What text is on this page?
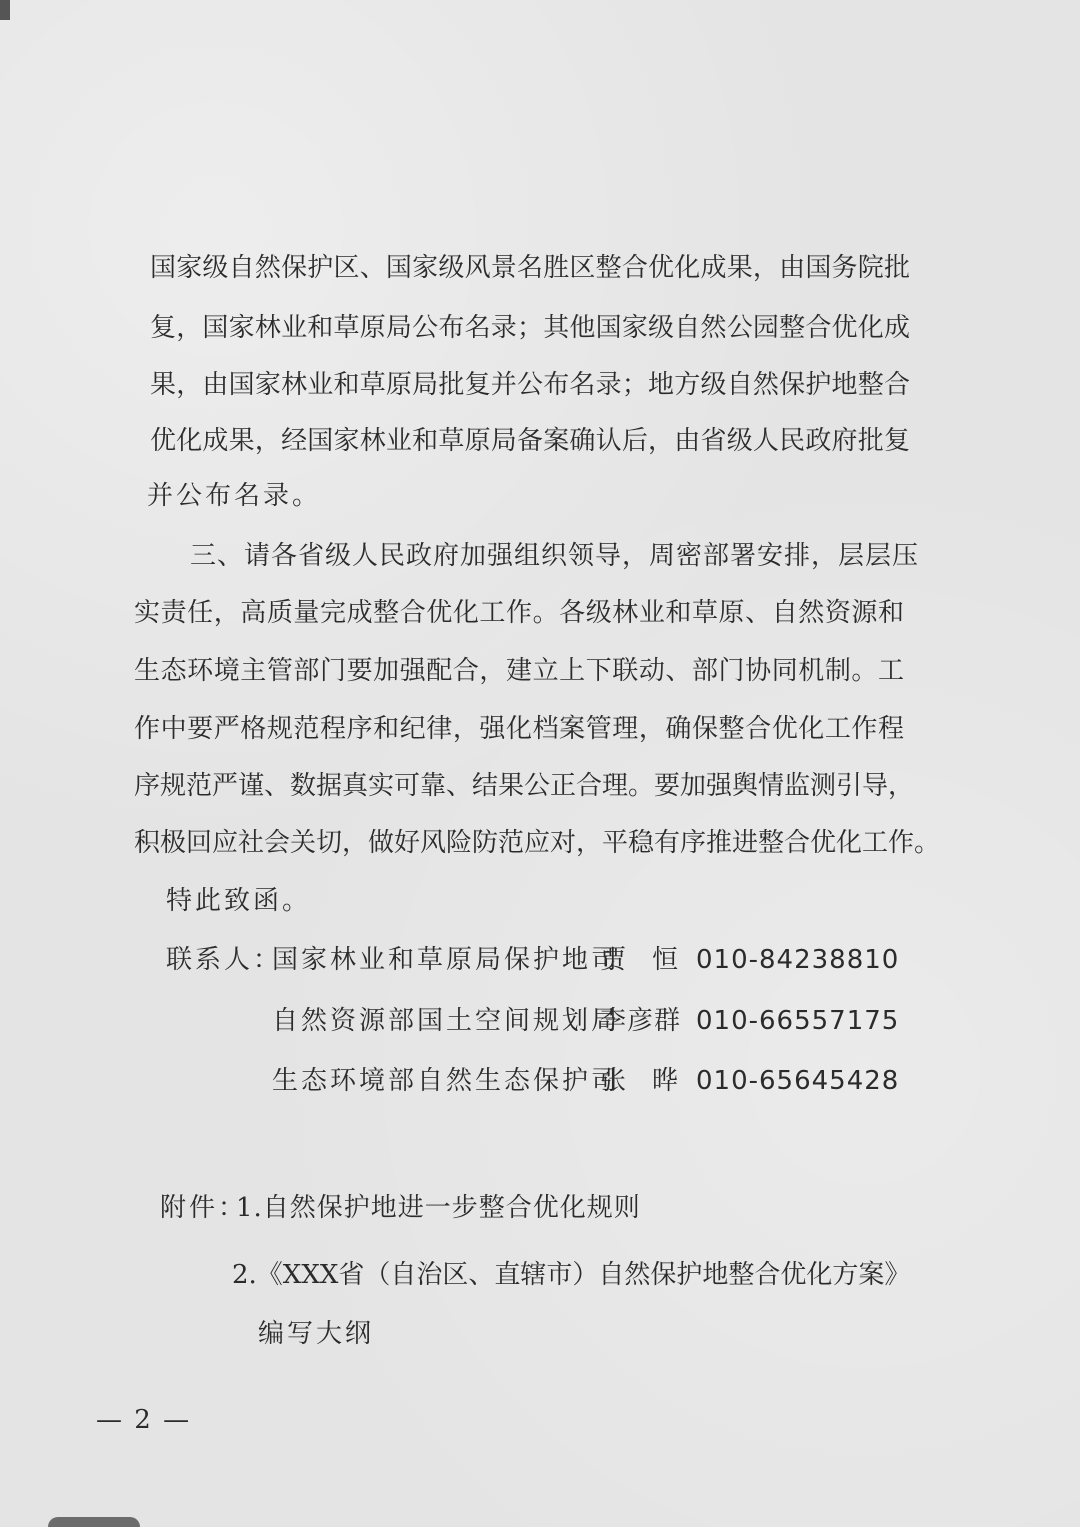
国家级自然保护区、国家级风景名胜区整合优化成果，由国务院批
复，国家林业和草原局公布名录；其他国家级自然公园整合优化成
果，由国家林业和草原局批复并公布名录；地方级自然保护地整合
优化成果，经国家林业和草原局备案确认后，由省级人民政府批复
并公布名录。
三、请各省级人民政府加强组织领导，周密部署安排，层层压
实责任，高质量完成整合优化工作。各级林业和草原、自然资源和
生态环境主管部门要加强配合，建立上下联动、部门协同机制。工
作中要严格规范程序和纪律，强化档案管理，确保整合优化工作程
序规范严谨、数据真实可靠、结果公正合理。要加强舆情监测引导，
积极回应社会关切，做好风险防范应对，平稳有序推进整合优化工作。
特此致函。
联系人：
国家林业和草原局保护地司
贾　恒 010-84238810
自然资源部国土空间规划局
李彦群 010-66557175
生态环境部自然生态保护司
张　晔 010-65645428
附件：
1.自然保护地进一步整合优化规则
2.《XXX省（自治区、直辖市）自然保护地整合优化方案》
编写大纲
— 2 —
